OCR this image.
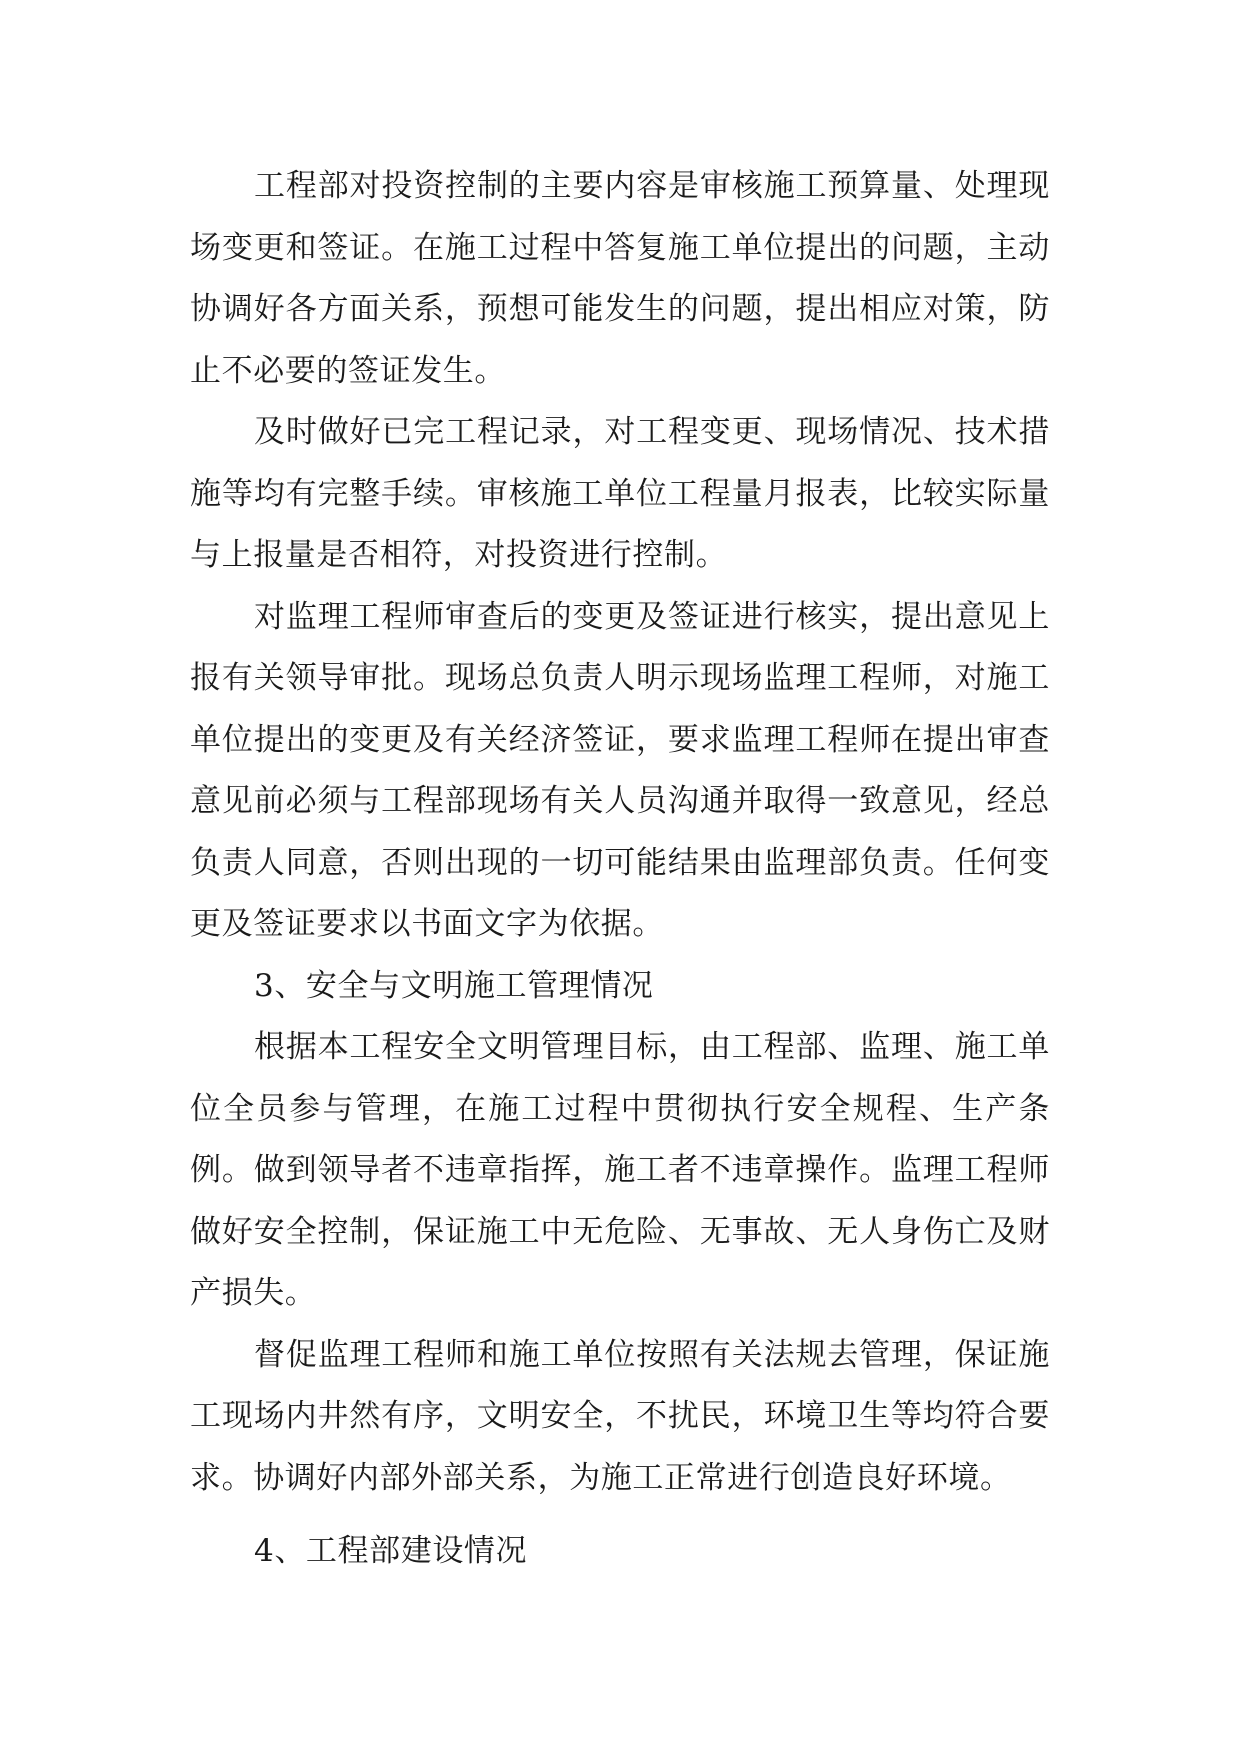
工程部对投资控制的主要内容是审核施工预算量、处理现场变更和签证。在施工过程中答复施工单位提出的问题，主动协调好各方面关系，预想可能发生的问题，提出相应对策，防止不必要的签证发生。

及时做好已完工程记录，对工程变更、现场情况、技术措施等均有完整手续。审核施工单位工程量月报表，比较实际量与上报量是否相符，对投资进行控制。

对监理工程师审查后的变更及签证进行核实，提出意见上报有关领导审批。现场总负责人明示现场监理工程师，对施工单位提出的变更及有关经济签证，要求监理工程师在提出审查意见前必须与工程部现场有关人员沟通并取得一致意见，经总负责人同意，否则出现的一切可能结果由监理部负责。任何变更及签证要求以书面文字为依据。

3、安全与文明施工管理情况

根据本工程安全文明管理目标，由工程部、监理、施工单位全员参与管理，在施工过程中贯彻执行安全规程、生产条例。做到领导者不违章指挥，施工者不违章操作。监理工程师做好安全控制，保证施工中无危险、无事故、无人身伤亡及财产损失。

督促监理工程师和施工单位按照有关法规去管理，保证施工现场内井然有序，文明安全，不扰民，环境卫生等均符合要求。协调好内部外部关系，为施工正常进行创造良好环境。

4、工程部建设情况
